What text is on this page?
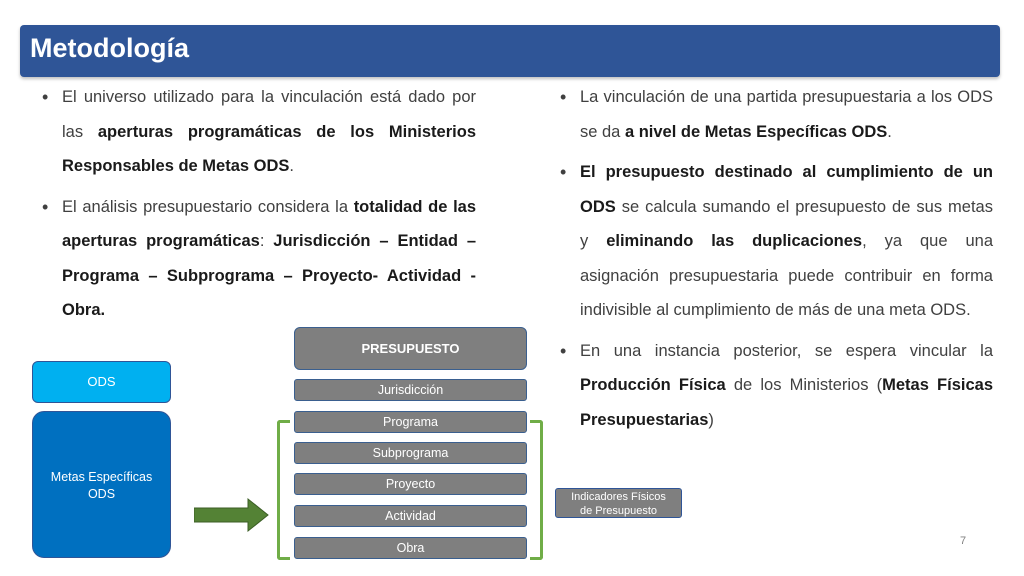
Metodología
• El universo utilizado para la vinculación está dado por las aperturas programáticas de los Ministerios Responsables de Metas ODS.
• El análisis presupuestario considera la totalidad de las aperturas programáticas: Jurisdicción – Entidad – Programa – Subprograma – Proyecto- Actividad - Obra.
• La vinculación de una partida presupuestaria a los ODS se da a nivel de Metas Específicas ODS.
• El presupuesto destinado al cumplimiento de un ODS se calcula sumando el presupuesto de sus metas y eliminando las duplicaciones, ya que una asignación presupuestaria puede contribuir en forma indivisible al cumplimiento de más de una meta ODS.
• En una instancia posterior, se espera vincular la Producción Física de los Ministerios (Metas Físicas Presupuestarias)
ODS
Metas Específicas
ODS
PRESUPUESTO
Jurisdicción
Programa
Subprograma
Proyecto
Actividad
Obra
Indicadores Físicos
de Presupuesto
7
